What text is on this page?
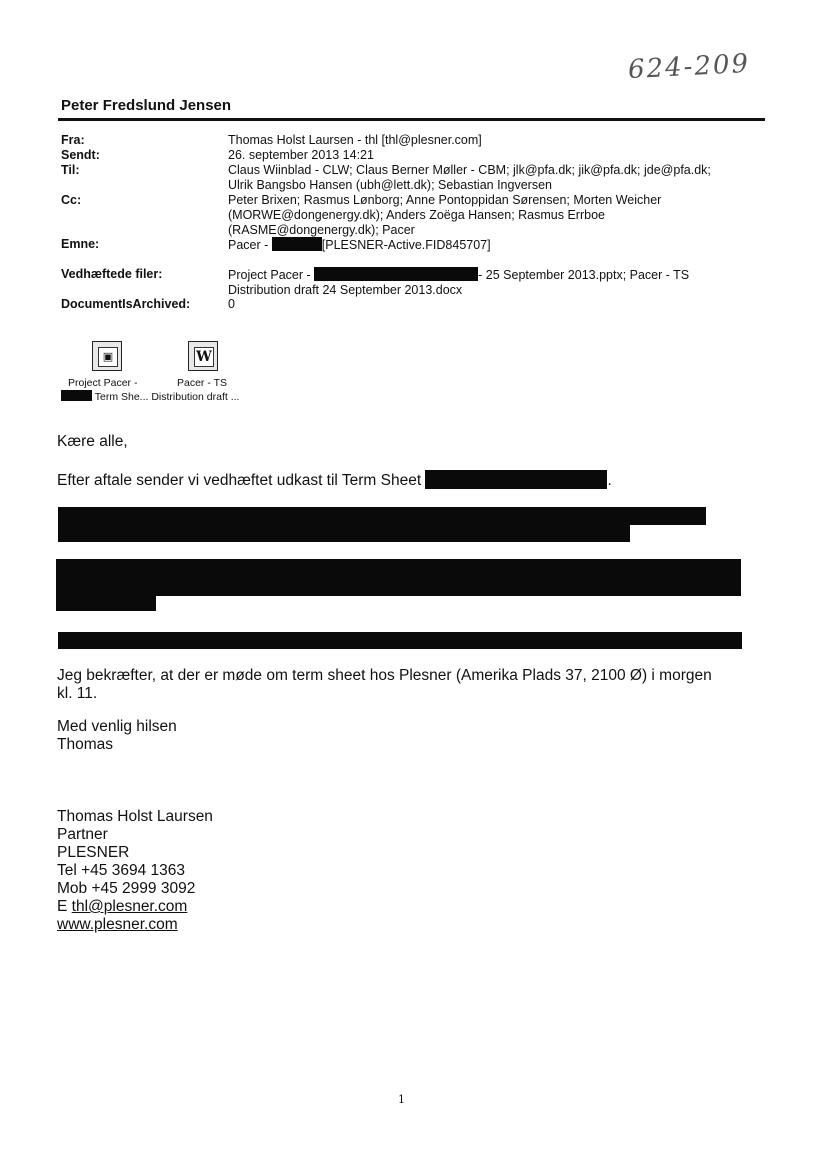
624-209
Peter Fredslund Jensen
Fra:	Thomas Holst Laursen - thl [thl@plesner.com]
Sendt:	26. september 2013 14:21
Til:	Claus Wiinblad - CLW; Claus Berner Møller - CBM; jlk@pfa.dk; jik@pfa.dk; jde@pfa.dk;
Ulrik Bangsbo Hansen (ubh@lett.dk); Sebastian Ingversen
Cc:	Peter Brixen; Rasmus Lønborg; Anne Pontoppidan Sørensen; Morten Weicher
(MORWE@dongenergy.dk); Anders Zoëga Hansen; Rasmus Errboe
(RASME@dongenergy.dk); Pacer
Emne:	Pacer -	[PLESNER-Active.FID845707]
Vedhæftede filer:	Project Pacer -	- 25 September 2013.pptx; Pacer - TS
Distribution draft 24 September 2013.docx
DocumentIsArchived:	0
▣	W
Project Pacer -	Pacer - TS
Term She... Distribution draft ...
Kære alle,
Efter aftale sender vi vedhæftet udkast til Term Sheet	.
Jeg bekræfter, at der er møde om term sheet hos Plesner (Amerika Plads 37, 2100 Ø) i morgen
kl. 11.
Med venlig hilsen
Thomas
Thomas Holst Laursen
Partner
PLESNER
Tel +45 3694 1363
Mob +45 2999 3092
E thl@plesner.com
www.plesner.com
1
